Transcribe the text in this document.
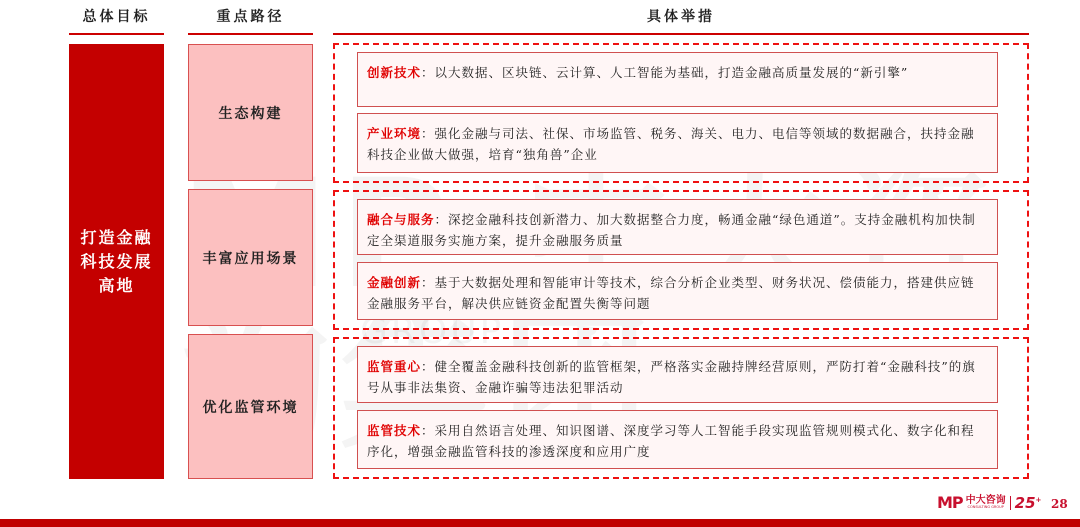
总体目标	重点路径	具体举措
打造金融科技发展高地
生态构建
丰富应用场景
优化监管环境
创新技术：以大数据、区块链、云计算、人工智能为基础，打造金融高质量发展的“新引擎”
产业环境：强化金融与司法、社保、市场监管、税务、海关、电力、电信等领域的数据融合，扶持金融科技企业做大做强，培育“独角兽”企业
融合与服务：深挖金融科技创新潜力、加大数据整合力度，畅通金融“绿色通道”。支持金融机构加快制定全渠道服务实施方案，提升金融服务质量
金融创新：基于大数据处理和智能审计等技术，综合分析企业类型、财务状况、偿债能力，搭建供应链金融服务平台，解决供应链资金配置失衡等问题
监管重心：健全覆盖金融科技创新的监管框架，严格落实金融持牌经营原则，严防打着“金融科技”的旗号从事非法集资、金融诈骗等违法犯罪活动
监管技术：采用自然语言处理、知识图谱、深度学习等人工智能手段实现监管规则模式化、数字化和程序化，增强金融监管科技的渗透深度和应用广度
MP 中大咨询
CONSULTING GROUP 25+ 28
